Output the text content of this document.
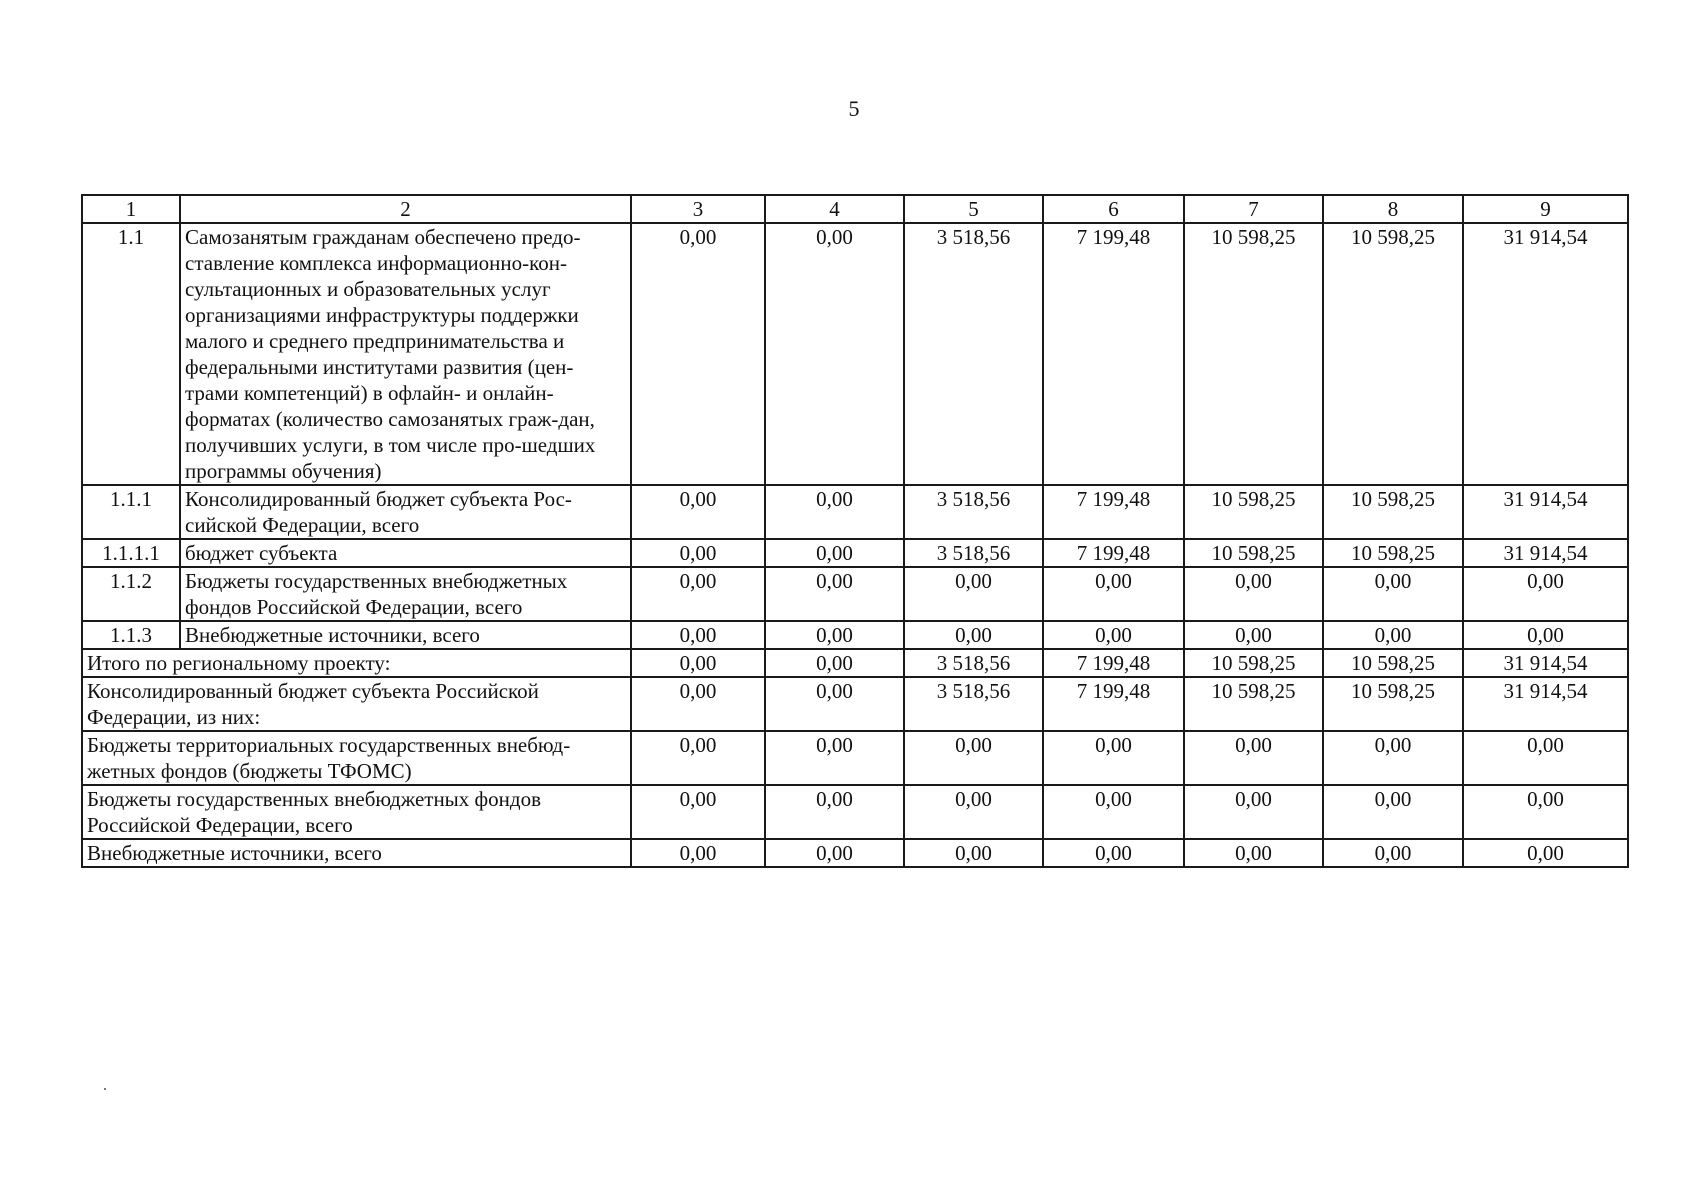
5
1	2	3	4	5	6	7	8	9
1.1	Самозанятым гражданам обеспечено предо-ставление комплекса информационно-кон-сультационных и образовательных услуг организациями инфраструктуры поддержки малого и среднего предпринимательства и федеральными институтами развития (цен-трами компетенций) в офлайн- и онлайн-форматах (количество самозанятых граж-дан, получивших услуги, в том числе про-шедших программы обучения)	0,00	0,00	3 518,56	7 199,48	10 598,25	10 598,25	31 914,54
1.1.1	Консолидированный бюджет субъекта Рос-сийской Федерации, всего	0,00	0,00	3 518,56	7 199,48	10 598,25	10 598,25	31 914,54
1.1.1.1	бюджет субъекта	0,00	0,00	3 518,56	7 199,48	10 598,25	10 598,25	31 914,54
1.1.2	Бюджеты государственных внебюджетных фондов Российской Федерации, всего	0,00	0,00	0,00	0,00	0,00	0,00	0,00
1.1.3	Внебюджетные источники, всего	0,00	0,00	0,00	0,00	0,00	0,00	0,00
Итого по региональному проекту:		0,00	0,00	3 518,56	7 199,48	10 598,25	10 598,25	31 914,54
Консолидированный бюджет субъекта Российской Федерации, из них:		0,00	0,00	3 518,56	7 199,48	10 598,25	10 598,25	31 914,54
Бюджеты территориальных государственных внебюд-жетных фондов (бюджеты ТФОМС)		0,00	0,00	0,00	0,00	0,00	0,00	0,00
Бюджеты государственных внебюджетных фондов Российской Федерации, всего		0,00	0,00	0,00	0,00	0,00	0,00	0,00
Внебюджетные источники, всего		0,00	0,00	0,00	0,00	0,00	0,00	0,00
